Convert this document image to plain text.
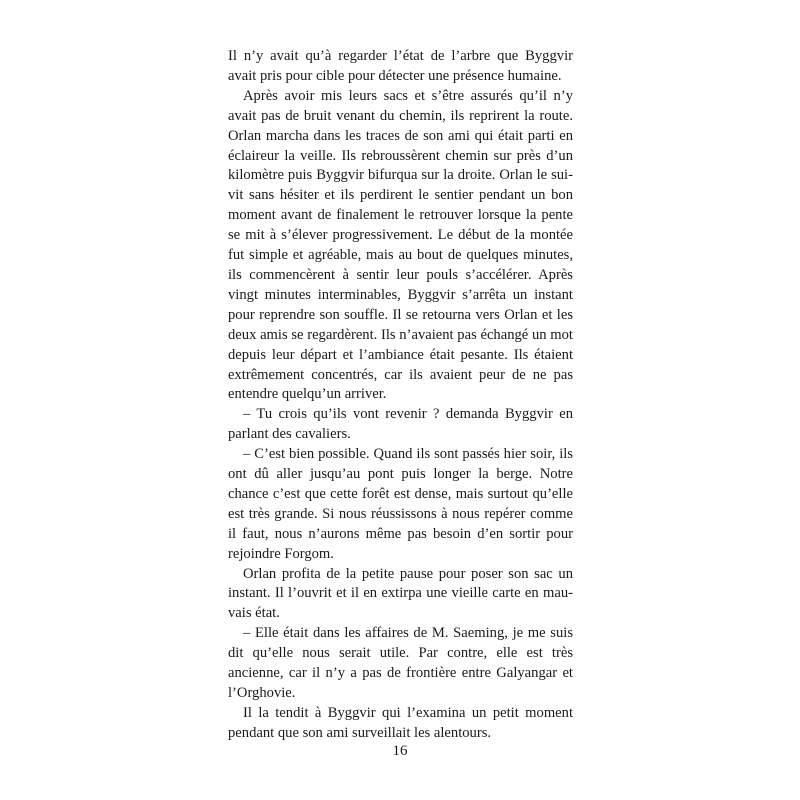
Il n’y avait qu’à regarder l’état de l’arbre que Byggvir avait pris pour cible pour détecter une présence humaine.

Après avoir mis leurs sacs et s’être assurés qu’il n’y avait pas de bruit venant du chemin, ils reprirent la route. Orlan marcha dans les traces de son ami qui était parti en éclaireur la veille. Ils rebroussèrent chemin sur près d’un kilomètre puis Byggvir bifurqua sur la droite. Orlan le suivit sans hésiter et ils perdirent le sentier pendant un bon moment avant de finalement le retrouver lorsque la pente se mit à s’élever progressivement. Le début de la montée fut simple et agréable, mais au bout de quelques minutes, ils commencèrent à sentir leur pouls s’accélérer. Après vingt minutes interminables, Byggvir s’arrêta un instant pour reprendre son souffle. Il se retourna vers Orlan et les deux amis se regardèrent. Ils n’avaient pas échangé un mot depuis leur départ et l’ambiance était pesante. Ils étaient extrêmement concentrés, car ils avaient peur de ne pas entendre quelqu’un arriver.

– Tu crois qu’ils vont revenir ? demanda Byggvir en parlant des cavaliers.

– C’est bien possible. Quand ils sont passés hier soir, ils ont dû aller jusqu’au pont puis longer la berge. Notre chance c’est que cette forêt est dense, mais surtout qu’elle est très grande. Si nous réussissons à nous repérer comme il faut, nous n’aurons même pas besoin d’en sortir pour rejoindre Forgom.

Orlan profita de la petite pause pour poser son sac un instant. Il l’ouvrit et il en extirpa une vieille carte en mauvais état.

– Elle était dans les affaires de M. Saeming, je me suis dit qu’elle nous serait utile. Par contre, elle est très ancienne, car il n’y a pas de frontière entre Galyangar et l’Orghovie.

Il la tendit à Byggvir qui l’examina un petit moment pendant que son ami surveillait les alentours.

16
